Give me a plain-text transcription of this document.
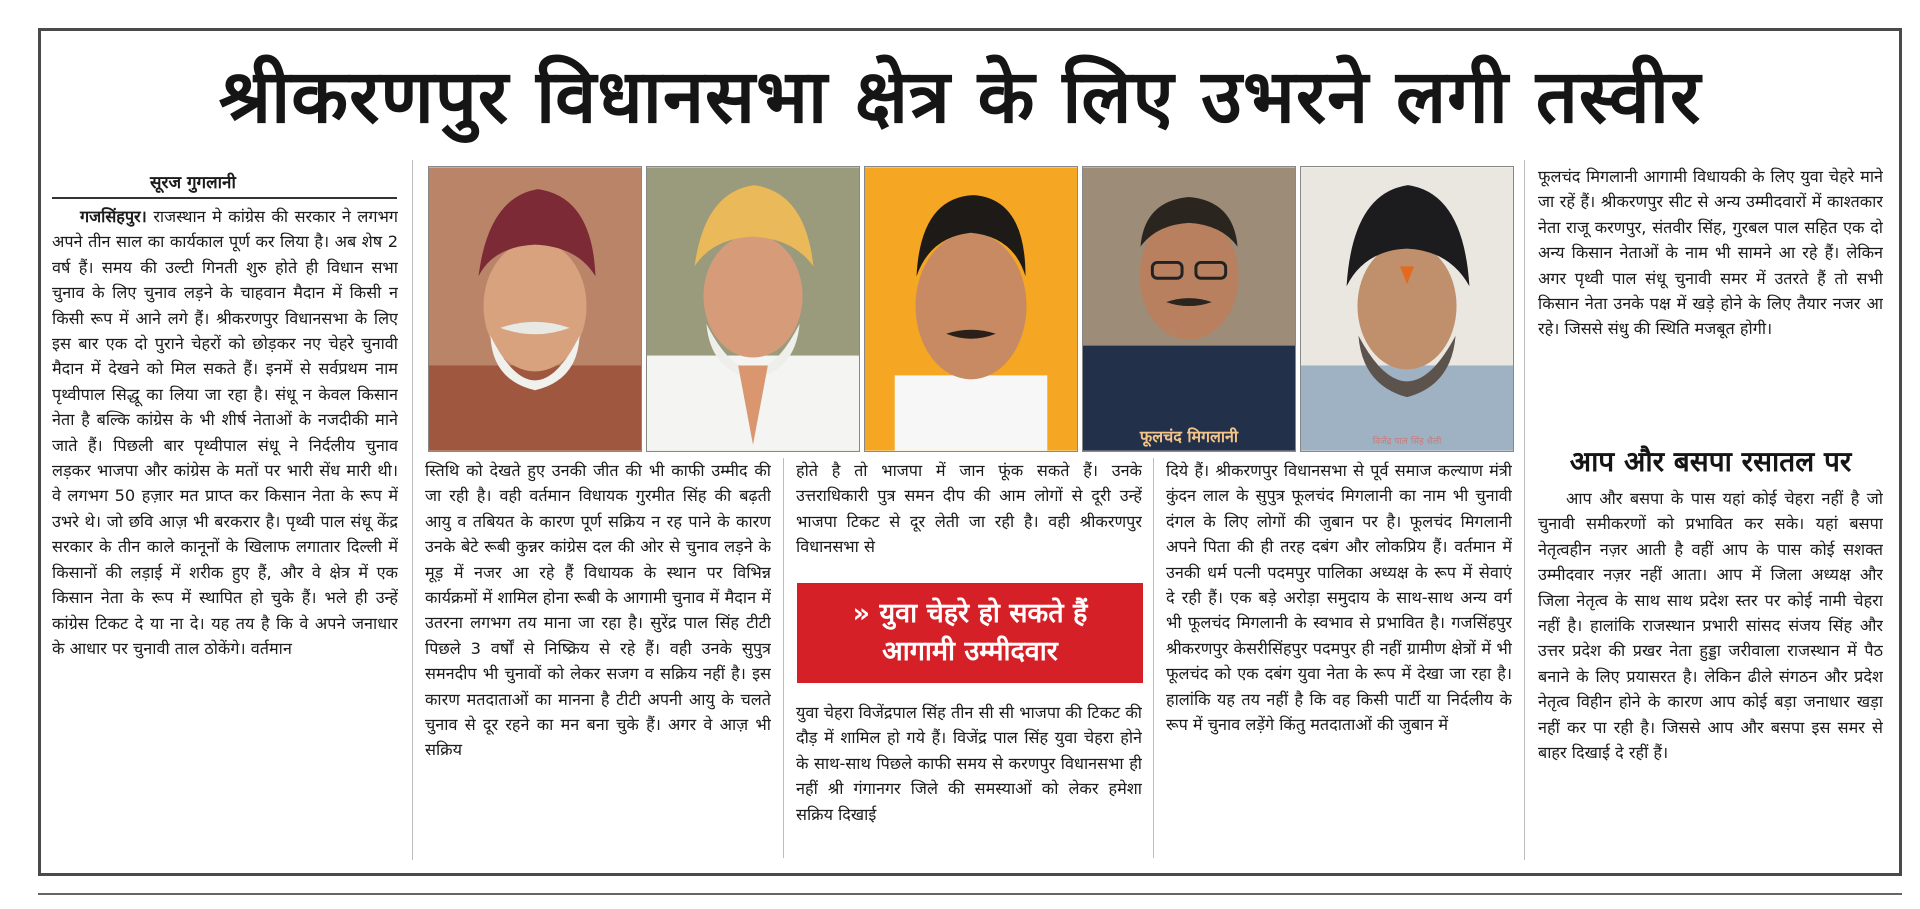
श्रीकरणपुर विधानसभा क्षेत्र के लिए उभरने लगी तस्वीर
सूरज गुगलानी

गजसिंहपुर। राजस्थान मे कांग्रेस की सरकार ने लगभग अपने तीन साल का कार्यकाल पूर्ण कर लिया है। अब शेष 2 वर्ष हैं। समय की उल्टी गिनती शुरु होते ही विधान सभा चुनाव के लिए चुनाव लड़ने के चाहवान मैदान में किसी न किसी रूप में आने लगे हैं। श्रीकरणपुर विधानसभा के लिए इस बार एक दो पुराने चेहरों को छोड़कर नए चेहरे चुनावी मैदान में देखने को मिल सकते हैं। इनमें से सर्वप्रथम नाम पृथ्वीपाल सिद्धू का लिया जा रहा है। संधू न केवल किसान नेता है बल्कि कांग्रेस के भी शीर्ष नेताओं के नजदीकी माने जाते हैं। पिछली बार पृथ्वीपाल संधू ने निर्दलीय चुनाव लड़कर भाजपा और कांग्रेस के मतों पर भारी सेंध मारी थी। वे लगभग 50 हज़ार मत प्राप्त कर किसान नेता के रूप में उभरे थे। जो छवि आज़ भी बरकरार है। पृथ्वी पाल संधू केंद्र सरकार के तीन काले कानूनों के खिलाफ लगातार दिल्ली में किसानों की लड़ाई में शरीक हुए हैं, और वे क्षेत्र में एक किसान नेता के रूप में स्थापित हो चुके हैं। भले ही उन्हें कांग्रेस टिकट दे या ना दे। यह तय है कि वे अपने जनाधार के आधार पर चुनावी ताल ठोकेंगे। वर्तमान

फूलचंद मिगलानी	विजेंद्र पाल सिंह शैली

स्तिथि को देखते हुए उनकी जीत की भी काफी उम्मीद की जा रही है। वही वर्तमान विधायक गुरमीत सिंह की बढ़ती आयु व तबियत के कारण पूर्ण सक्रिय न रह पाने के कारण उनके बेटे रूबी कुन्नर कांग्रेस दल की ओर से चुनाव लड़ने के मूड़ में नजर आ रहे हैं विधायक के स्थान पर विभिन्न कार्यक्रमों में शामिल होना रूबी के आगामी चुनाव में मैदान में उतरना लगभग तय माना जा रहा है। सुरेंद्र पाल सिंह टीटी पिछले 3 वर्षों से निष्क्रिय से रहे हैं। वही उनके सुपुत्र समनदीप भी चुनावों को लेकर सजग व सक्रिय नहीं है। इस कारण मतदाताओं का मानना है टीटी अपनी आयु के चलते चुनाव से दूर रहने का मन बना चुके हैं। अगर वे आज़ भी सक्रिय

होते है तो भाजपा में जान फूंक सकते हैं। उनके उत्तराधिकारी पुत्र समन दीप की आम लोगों से दूरी उन्हें भाजपा टिकट से दूर लेती जा रही है। वही श्रीकरणपुर विधानसभा से

» युवा चेहरे हो सकते हैं
आगामी उम्मीदवार

युवा चेहरा विजेंद्रपाल सिंह तीन सी सी भाजपा की टिकट की दौड़ में शामिल हो गये हैं। विजेंद्र पाल सिंह युवा चेहरा होने के साथ-साथ पिछले काफी समय से करणपुर विधानसभा ही नहीं श्री गंगानगर जिले की समस्याओं को लेकर हमेशा सक्रिय दिखाई

दिये हैं। श्रीकरणपुर विधानसभा से पूर्व समाज कल्याण मंत्री कुंदन लाल के सुपुत्र फूलचंद मिगलानी का नाम भी चुनावी दंगल के लिए लोगों की जुबान पर है। फूलचंद मिगलानी अपने पिता की ही तरह दबंग और लोकप्रिय हैं। वर्तमान में उनकी धर्म पत्नी पदमपुर पालिका अध्यक्ष के रूप में सेवाएं दे रही हैं। एक बड़े अरोड़ा समुदाय के साथ-साथ अन्य वर्ग भी फूलचंद मिगलानी के स्वभाव से प्रभावित है। गजसिंहपुर श्रीकरणपुर केसरीसिंहपुर पदमपुर ही नहीं ग्रामीण क्षेत्रों में भी फूलचंद को एक दबंग युवा नेता के रूप में देखा जा रहा है। हालांकि यह तय नहीं है कि वह किसी पार्टी या निर्दलीय के रूप में चुनाव लड़ेंगे किंतु मतदाताओं की जुबान में

फूलचंद मिगलानी आगामी विधायकी के लिए युवा चेहरे माने जा रहें हैं। श्रीकरणपुर सीट से अन्य उम्मीदवारों में काश्तकार नेता राजू करणपुर, संतवीर सिंह, गुरबल पाल सहित एक दो अन्य किसान नेताओं के नाम भी सामने आ रहे हैं। लेकिन अगर पृथ्वी पाल संधू चुनावी समर में उतरते हैं तो सभी किसान नेता उनके पक्ष में खड़े होने के लिए तैयार नजर आ रहे। जिससे संधु की स्थिति मजबूत होगी।

आप और बसपा रसातल पर

आप और बसपा के पास यहां कोई चेहरा नहीं है जो चुनावी समीकरणों को प्रभावित कर सके। यहां बसपा नेतृत्वहीन नज़र आती है वहीं आप के पास कोई सशक्त उम्मीदवार नज़र नहीं आता। आप में जिला अध्यक्ष और जिला नेतृत्व के साथ साथ प्रदेश स्तर पर कोई नामी चेहरा नहीं है। हालांकि राजस्थान प्रभारी सांसद संजय सिंह और उत्तर प्रदेश की प्रखर नेता हुड्डा जरीवाला राजस्थान में पैठ बनाने के लिए प्रयासरत है। लेकिन ढीले संगठन और प्रदेश नेतृत्व विहीन होने के कारण आप कोई बड़ा जनाधार खड़ा नहीं कर पा रही है। जिससे आप और बसपा इस समर से बाहर दिखाई दे रहीं हैं।
